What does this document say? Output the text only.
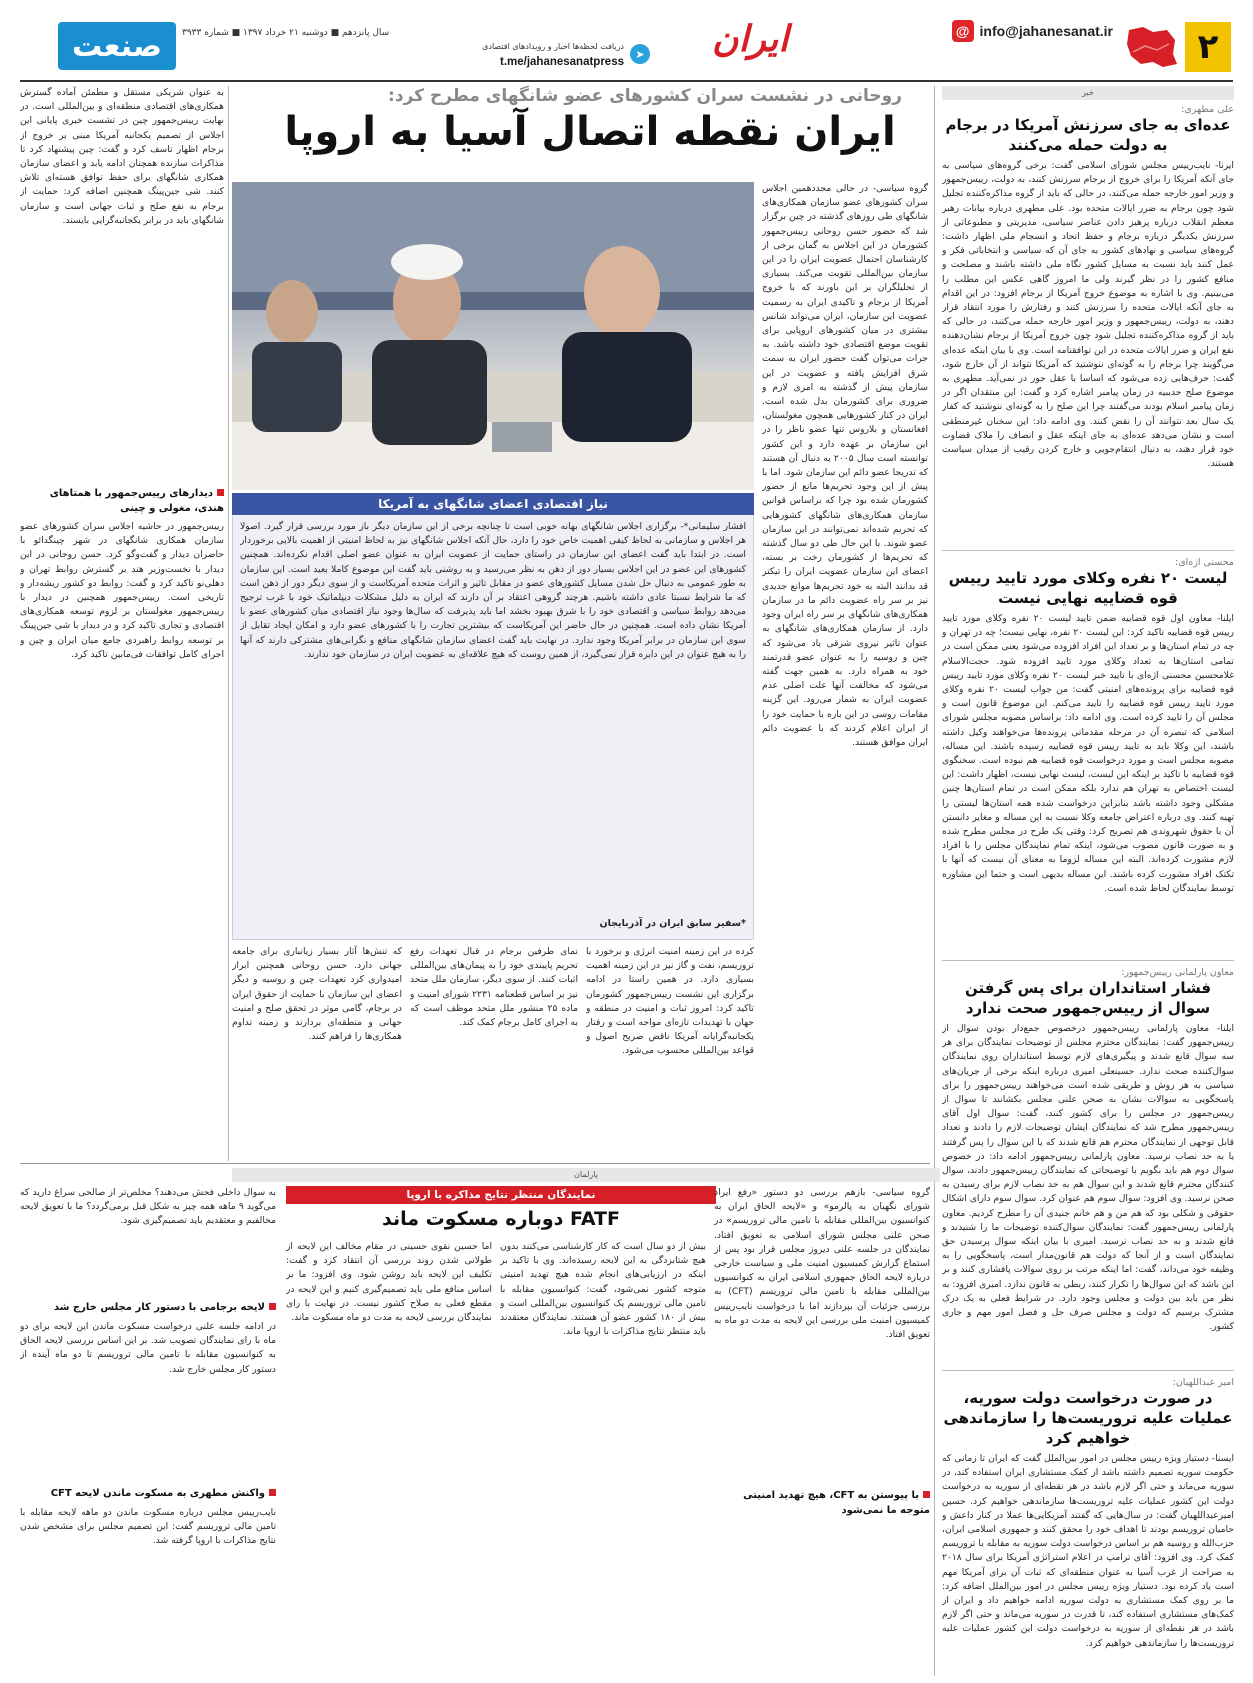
۲
@ info@jahanesanat.ir
ایران
➤
دریافت لحظه‌ها اخبار و رویدادهای اقتصادی
t.me/jahanesanatpress
سال پانزدهم ■ دوشنبه ۲۱ خرداد ۱۳۹۷ ■ شماره ۳۹۳۳
صنعت
خبر
علی مطهری:
عده‌ای به جای سرزنش آمریکا در برجام به دولت حمله می‌کنند
ایرنا- نایب‌رییس مجلس شورای اسلامی گفت: برخی گروه‌های سیاسی به جای آنکه آمریکا را برای خروج از برجام سرزنش کنند، به دولت، رییس‌جمهور و وزیر امور خارجه حمله می‌کنند، در حالی که باید از گروه مذاکره‌کننده تجلیل شود چون برجام به ضرر ایالات متحده بود. علی مطهری درباره بیانات رهبر معظم انقلاب درباره پرهیز دادن عناصر سیاسی، مدیریتی و مطبوعاتی از سرزنش یکدیگر درباره برجام و حفظ اتحاد و انسجام ملی اظهار داشت: گروه‌های سیاسی و نهادهای کشور به جای آن که سیاسی و انتخاباتی فکر و عمل کنند باید نسبت به مسایل کشور نگاه ملی داشته باشند و مصلحت و منافع کشور را در نظر گیرند ولی ما امروز گاهی عکس این مطلب را می‌بینیم. وی با اشاره به موضوع خروج آمریکا از برجام افزود: در این اقدام به جای آنکه ایالات متحده را سرزنش کنند و رفتارش را مورد انتقاد قرار دهند، به دولت، رییس‌جمهور و وزیر امور خارجه حمله می‌کنند، در حالی که باید از گروه مذاکره‌کننده تجلیل شود چون خروج آمریکا از برجام نشان‌دهنده نفع ایران و ضرر ایالات متحده در این توافقنامه است. وی با بیان اینکه عده‌ای می‌گویند چرا برجام را به گونه‌ای ننوشتید که آمریکا نتواند از آن خارج شود، گفت: حرف‌هایی زده می‌شود که اساسا با عقل جور در نمی‌آید. مطهری به موضوع صلح حدیبیه در زمان پیامبر اشاره کرد و گفت: این منتقدان اگر در زمان پیامبر اسلام بودند می‌گفتند چرا این صلح را به گونه‌ای ننوشتید که کفار یک سال بعد نتوانند آن را نقض کنند. وی ادامه داد: این سخنان غیرمنطقی است و نشان می‌دهد عده‌ای به جای اینکه عقل و انصاف را ملاک قضاوت خود قرار دهند، به دنبال انتقام‌جویی و خارج کردن رقیب از میدان سیاست هستند.
محسنی اژه‌ای:
لیست ۲۰ نفره وکلای مورد تایید رییس قوه قضاییه نهایی نیست
ایلنا- معاون اول قوه قضاییه ضمن تایید لیست ۲۰ نفره وکلای مورد تایید رییس قوه قضاییه تاکید کرد: این لیست ۲۰ نفره، نهایی نیست؛ چه در تهران و چه در تمام استان‌ها و بر تعداد این افراد افزوده می‌شود یعنی ممکن است در تمامی استان‌ها به تعداد وکلای مورد تایید افزوده شود. حجت‌الاسلام غلامحسین محسنی اژه‌ای با تایید خبر لیست ۲۰ نفره وکلای مورد تایید رییس قوه قضاییه برای پرونده‌های امنیتی گفت: من جواب لیست ۲۰ نفره وکلای مورد تایید رییس قوه قضاییه را تایید می‌کنم. این موضوع قانون است و مجلس آن را تایید کرده است. وی ادامه داد: براساس مصوبه مجلس شورای اسلامی که تبصره آن در مرحله مقدماتی پرونده‌ها می‌خواهند وکیل داشته باشند، این وکلا باید به تایید رییس قوه قضاییه رسیده باشند. این مساله، مصوبه مجلس است و مورد درخواست قوه قضاییه هم نبوده است. سخنگوی قوه قضاییه با تاکید بر اینکه این لیست، لیست نهایی نیست، اظهار داشت: این لیست اختصاص به تهران هم ندارد بلکه ممکن است در تمام استان‌ها چنین مشکلی وجود داشته باشد بنابراین درخواست شده همه استان‌ها لیستی را تهیه کنند. وی درباره اعتراض جامعه وکلا نسبت به این مساله و مغایر دانستن آن با حقوق شهروندی هم تصریح کرد: وقتی یک طرح در مجلس مطرح شده و به صورت قانون مصوب می‌شود، اینکه تمام نمایندگان مجلس را با افراد لازم مشورت کرده‌اند. البته این مساله لزوما به معنای آن نیست که آنها با تکتک افراد مشورت کرده باشند. این مساله بدیهی است و حتما این مشاوره توسط نمایندگان لحاظ شده است.
معاون پارلمانی رییس‌جمهور:
فشار استانداران برای پس گرفتن سوال از رییس‌جمهور صحت ندارد
ایلنا- معاون پارلمانی رییس‌جمهور درخصوص جمع‌دار بودن سوال از رییس‌جمهور گفت: نمایندگان محترم مجلس از توضیحات نمایندگان برای هر سه سوال قانع شدند و پیگیری‌های لازم توسط استانداران روی نمایندگان سوال‌کننده صحت ندارد. حسینعلی امیری درباره اینکه برخی از جریان‌های سیاسی به هر روش و طریقی شده است می‌خواهند رییس‌جمهور را برای پاسخگویی به سوالات نشان به صحن علنی مجلس بکشانند تا سوال از رییس‌جمهور در مجلس را برای کشور کنند، گفت: سوال اول آقای رییس‌جمهور مطرح شد که نمایندگان ایشان توضیحات لازم را دادند و تعداد قابل توجهی از نمایندگان محترم هم قانع شدند که یا این سوال را پس گرفتند یا به حد نصاب نرسید. معاون پارلمانی رییس‌جمهور ادامه داد: در خصوص سوال دوم هم باید بگویم با توضیحاتی که نمایندگان رییس‌جمهور دادند، سوال کنندگان محترم قانع شدند و این سوال هم به حد نصاب لازم برای رسیدن به صحن نرسید. وی افزود: سوال سوم هم عنوان کرد. سوال سوم دارای اشکال حقوقی و شکلی بود که هم من و هم خانم جنیدی آن را مطرح کردیم. معاون پارلمانی رییس‌جمهور گفت: نمایندگان سوال‌کننده توضیحات ما را شنیدند و قانع شدند و به حد نصاب نرسید. امیری با بیان اینکه سوال پرسیدن حق نمایندگان است و از آنجا که دولت هم قانون‌مدار است، پاسخگویی را به وظیفه خود می‌داند، گفت: اما اینکه مرتب بر روی سوالات پافشاری کنند و بر این باشد که این سوال‌ها را تکرار کنند، ربطی به قانون ندارد. امیری افزود: به نظر من باید بین دولت و مجلس وجود دارد. در شرایط فعلی به یک درک مشترک برسیم که دولت و مجلس صرف حل و فصل امور مهم و جاری کشور.
امیر عبداللهیان:
در صورت درخواست دولت سوریه، عملیات علیه تروریست‌ها را سازماندهی خواهیم کرد
ایسنا- دستیار ویژه رییس مجلس در امور بین‌الملل گفت که ایران تا زمانی که حکومت سوریه تصمیم داشته باشد از کمک مستشاری ایران استفاده کند، در سوریه می‌ماند و حتی اگر لازم باشد در هر نقطه‌ای از سوریه به درخواست دولت این کشور عملیات علیه تروریست‌ها سازماندهی خواهیم کرد. حسین امیرعبداللهیان گفت: در سال‌هایی که گفتند آمریکایی‌ها عملا در کنار داعش و حامیان تروریسم بودند تا اهداف خود را محقق کنند و جمهوری اسلامی ایران، حزب‌الله و روسیه هم بر اساس درخواست دولت سوریه به مقابله با تروریسم کمک کرد. وی افزود: آقای ترامپ در اعلام استراتژی آمریکا برای سال ۲۰۱۸ به صراحت از غرب آسیا به عنوان منطقه‌ای که ثبات آن برای آمریکا مهم است یاد کرده بود. دستیار ویژه رییس مجلس در امور بین‌الملل اضافه کرد: ما بر روی کمک مستشاری به دولت سوریه ادامه خواهیم داد و ایران از کمک‌های مستشاری استفاده کند، تا قدرت در سوریه می‌ماند و حتی اگر لازم باشد در هر نقطه‌ای از سوریه به درخواست دولت این کشور عملیات علیه تروریست‌ها را سازماندهی خواهیم کرد.
روحانی در نشست سران کشورهای عضو شانگهای مطرح کرد:
ایران نقطه اتصال آسیا به اروپا
گروه سیاسی- در حالی مجددهمین اجلاس سران کشورهای عضو سازمان همکاری‌های شانگهای طی روزهای گذشته در چین برگزار شد که حضور حسن روحانی رییس‌جمهور کشورمان در این اجلاس به گمان برخی از کارشناسان احتمال عضویت ایران را در این سازمان بین‌المللی تقویت می‌کند. بسیاری از تحلیلگران بر این باورند که با خروج آمریکا از برجام و تاکیدی ایران به رسمیت عضویت این سازمان، ایران می‌تواند شانس بیشتری در میان کشورهای اروپایی برای تقویت موضع اقتصادی خود داشته باشد. به جرات می‌توان گفت حضور ایران به سمت شرق افزایش یافته و عضویت در این سازمان پیش از گذشته به امری لازم و ضروری برای کشورمان بدل شده است. ایران در کنار کشورهایی همچون مغولستان، افغانستان و بلاروس تنها عضو ناظر را در این سازمان بر عهده دارد و این کشور توانسته است سال ۲۰۰۵ به دنبال آن هستند که تدریجا عضو دائم این سازمان شود. اما با پیش از این وجود تحریم‌ها مانع از حضور کشورمان شده بود چرا که براساس قوانین سازمان همکاری‌های شانگهای کشورهایی که تحریم شده‌اند نمی‌توانند در این سازمان عضو شوند. با این حال طی دو سال گذشته که تحریم‌ها از کشورمان رخت بر بسته، اعضای این سازمان عضویت ایران را تیکتر قد بدانند البته به خود تحریم‌ها موانع جدیدی نیز بر سر راه عضویت دائم ما در سازمان همکاری‌های شانگهای بر سر راه ایران وجود دارد. از سازمان همکاری‌های شانگهای به عنوان تاثیر نیروی شرقی یاد می‌شود که چین و روسیه را به عنوان عضو قدرتمند خود به همراه دارد. به همین جهت گفته می‌شود که مخالفت آنها علت اصلی عدم عضویت ایران به شمار می‌رود. این گزینه مقامات روسی در این باره با حمایت خود را از ایران اعلام کردند که با عضویت دائم ایران موافق هستند.
نیاز اقتصادی اعضای شانگهای به آمریکا
افشار سلیمانی*- برگزاری اجلاس شانگهای بهانه خوبی است تا چنانچه برخی از این سازمان دیگر باز مورد بررسی قرار گیرد. اصولا هر اجلاس و سازمانی به لحاظ کیفی اهمیت خاص خود را دارد، حال آنکه اجلاس شانگهای نیز به لحاظ امنیتی از اهمیت بالایی برخوردار است. در ابتدا باید گفت اعضای این سازمان در راستای حمایت از عضویت ایران به عنوان عضو اصلی اقدام نکرده‌اند. همچنین کشورهای این عضو در این اجلاس بسیار دور از ذهن به نظر می‌رسید و به روشنی باید گفت این موضوع کاملا بعید است. این سازمان به طور عمومی به دنبال حل شدن مسایل کشورهای عضو در مقابل تاثیر و اثرات متحده آمریکاست و از سوی دیگر دور از ذهن است که ما شرایط نسبتا عادی داشته باشیم. هرچند گروهی اعتقاد بر آن دارند که ایران به دلیل مشکلات دیپلماتیک خود با غرب ترجیح می‌دهد روابط سیاسی و اقتصادی خود را با شرق بهبود بخشد اما باید پذیرفت که سال‌ها وجود نیاز اقتصادی میان کشورهای عضو با آمریکا نشان داده است. همچنین در حال حاضر این آمریکاست که بیشترین تجارت را با کشورهای عضو دارد و امکان ایجاد تقابل از سوی این سازمان در برابر آمریکا وجود ندارد. در نهایت باید گفت اعضای سازمان شانگهای منافع و نگرانی‌های مشترکی دارند که آنها را به هیچ عنوان در این دایره قرار نمی‌گیرد، از همین روست که هیچ علاقه‌ای به عضویت ایران در سازمان خود ندارند.
*سفیر سابق ایران در آذربایجان
کرده در این زمینه امنیت انرژی و برخورد با تروریسم، نفت و گاز نیز در این زمینه اهمیت بسیاری دارد. در همین راستا در ادامه برگزاری این نشست رییس‌جمهور کشورمان تاکید کرد: امروز ثبات و امنیت در منطقه و جهان با تهدیدات تازه‌ای مواجه است و رفتار یکجانبه‌گرایانه آمریکا ناقض صریح اصول و قواعد بین‌المللی محسوب می‌شود.
نمای طرفین برجام در قبال تعهدات رفع تحریم پایبندی خود را به پیمان‌های بین‌المللی اثبات کنند. از سوی دیگر، سازمان ملل متحد نیز بر اساس قطعنامه ۲۲۳۱ شورای امنیت و ماده ۲۵ منشور ملل متحد موظف است که به اجرای کامل برجام کمک کند.
که تنش‌ها آثار بسیار زیانباری برای جامعه جهانی دارد. حسن روحانی همچنین ابراز امیدواری کرد تعهدات چین و روسیه و دیگر اعضای این سازمان با حمایت از حقوق ایران در برجام، گامی موثر در تحقق صلح و امنیت جهانی و منطقه‌ای بردارند و زمینه تداوم همکاری‌ها را فراهم کنند.
به عنوان شریکی مستقل و مطمئن آماده گسترش همکاری‌های اقتصادی منطقه‌ای و بین‌المللی است. در نهایت رییس‌جمهور چین در تشست خبری پایانی این اجلاس از تصمیم یکجانبه آمریکا مبنی بر خروج از برجام اظهار تاسف کرد و گفت: چین پیشنهاد کرد تا مذاکرات سازنده همچنان ادامه یابد و اعضای سازمان همکاری شانگهای برای حفظ توافق هسته‌ای تلاش کنند. شی جین‌پینگ همچنین اضافه کرد: حمایت از برجام به نفع صلح و ثبات جهانی است و سازمان شانگهای باید در برابر یکجانبه‌گرایی بایستد.
دیدارهای رییس‌جمهور با همتاهای هندی، مغولی و چینی
رییس‌جمهور در حاشیه اجلاس سران کشورهای عضو سازمان همکاری شانگهای در شهر چینگدائو با حاضران دیدار و گفت‌وگو کرد. حسن روحانی در این دیدار با نخست‌وزیر هند بر گسترش روابط تهران و دهلی‌نو تاکید کرد و گفت: روابط دو کشور ریشه‌دار و تاریخی است. رییس‌جمهور همچنین در دیدار با رییس‌جمهور مغولستان بر لزوم توسعه همکاری‌های اقتصادی و تجاری تاکید کرد و در دیدار با شی جین‌پینگ بر توسعه روابط راهبردی جامع میان ایران و چین و اجرای کامل توافقات فی‌مابین تاکید کرد.
پارلمان
نمایندگان منتظر نتایج مذاکره با اروپا
FATF دوباره مسکوت ماند
گروه سیاسی- بازهم بررسی دو دستور «رفع ایراد شورای نگهبان به پالرمو» و «لایحه الحاق ایران به کنوانسیون بین‌المللی مقابله با تامین مالی تروریسم» در صحن علنی مجلس شورای اسلامی به تعویق افتاد. نمایندگان در جلسه علنی دیروز مجلس قرار بود پس از استماع گزارش کمیسیون امنیت ملی و سیاست خارجی درباره لایحه الحاق جمهوری اسلامی ایران به کنوانسیون بین‌المللی مقابله با تامین مالی تروریسم (CFT) به بررسی جزئیات آن بپردازند اما با درخواست نایب‌رییس کمیسیون امنیت ملی بررسی این لایحه به مدت دو ماه به تعویق افتاد.
با پیوستن به CFT، هیچ تهدید امنیتی متوجه ما نمی‌شود
بیش از دو سال است که کار کارشناسی می‌کنند بدون هیچ شتابزدگی به این لایحه رسیده‌اند. وی با تاکید بر اینکه در ارزیابی‌های انجام شده هیچ تهدید امنیتی متوجه کشور نمی‌شود، گفت: کنوانسیون مقابله با تامین مالی تروریسم یک کنوانسیون بین‌المللی است و بیش از ۱۸۰ کشور عضو آن هستند. نمایندگان معتقدند باید منتظر نتایج مذاکرات با اروپا ماند.
اما حسین نقوی حسینی در مقام مخالف این لایحه از طولانی شدن روند بررسی آن انتقاد کرد و گفت: تکلیف این لایحه باید روشن شود. وی افزود: ما بر اساس منافع ملی باید تصمیم‌گیری کنیم و این لایحه در مقطع فعلی به صلاح کشور نیست. در نهایت با رای نمایندگان بررسی لایحه به مدت دو ماه مسکوت ماند.
به سوال داخلی فحش می‌دهند؟ مخلص‌تر از صالحی سراغ دارید که می‌گوید ۹ ماهه همه چیز به شکل قبل برمی‌گردد؟ ما با تعویق لایحه مخالفیم و معتقدیم باید تصمیم‌گیری شود.
لایحه برجامی با دستور کار مجلس خارج شد
در ادامه جلسه علنی درخواست مسکوت ماندن این لایحه برای دو ماه با رای نمایندگان تصویب شد. بر این اساس بررسی لایحه الحاق به کنوانسیون مقابله با تامین مالی تروریسم تا دو ماه آینده از دستور کار مجلس خارج شد.
واکنش مطهری به مسکوت ماندن لایحه CFT
نایب‌رییس مجلس درباره مسکوت ماندن دو ماهه لایحه مقابله با تامین مالی تروریسم گفت: این تصمیم مجلس برای مشخص شدن نتایج مذاکرات با اروپا گرفته شد.
